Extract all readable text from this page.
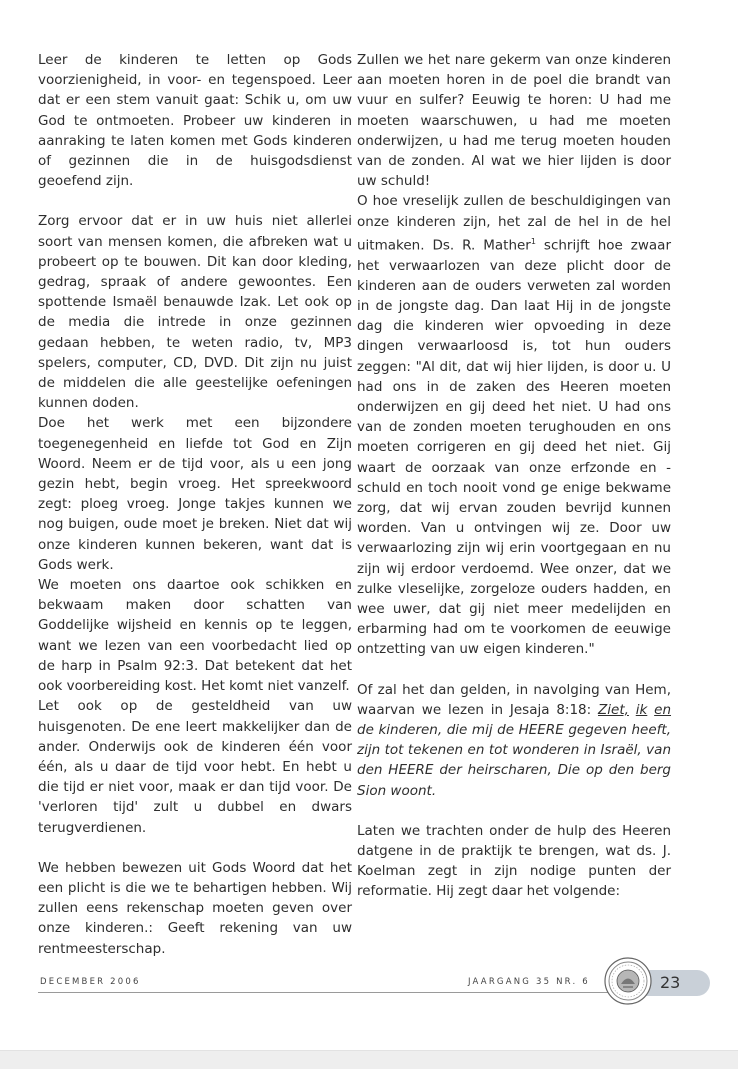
Leer de kinderen te letten op Gods voorzienigheid, in voor- en tegenspoed. Leer dat er een stem vanuit gaat: Schik u, om uw God te ontmoeten. Probeer uw kinderen in aanraking te laten komen met Gods kinderen of gezinnen die in de huisgodsdienst geoefend zijn.

Zorg ervoor dat er in uw huis niet allerlei soort van mensen komen, die afbreken wat u probeert op te bouwen. Dit kan door kleding, gedrag, spraak of andere gewoontes. Een spottende Ismaël benauwde Izak. Let ook op de media die intrede in onze gezinnen gedaan hebben, te weten radio, tv, MP3 spelers, computer, CD, DVD. Dit zijn nu juist de middelen die alle geestelijke oefeningen kunnen doden.

Doe het werk met een bijzondere toegenegenheid en liefde tot God en Zijn Woord. Neem er de tijd voor, als u een jong gezin hebt, begin vroeg. Het spreekwoord zegt: ploeg vroeg. Jonge takjes kunnen we nog buigen, oude moet je breken. Niet dat wij onze kinderen kunnen bekeren, want dat is Gods werk.

We moeten ons daartoe ook schikken en bekwaam maken door schatten van Goddelijke wijsheid en kennis op te leggen, want we lezen van een voorbedacht lied op de harp in Psalm 92:3. Dat betekent dat het ook voorbereiding kost. Het komt niet vanzelf.

Let ook op de gesteldheid van uw huisgenoten. De ene leert makkelijker dan de ander. Onderwijs ook de kinderen één voor één, als u daar de tijd voor hebt. En hebt u die tijd er niet voor, maak er dan tijd voor. De 'verloren tijd' zult u dubbel en dwars terugverdienen.

We hebben bewezen uit Gods Woord dat het een plicht is die we te behartigen hebben. Wij zullen eens rekenschap moeten geven over onze kinderen.: Geeft rekening van uw rentmeesterschap.

Zullen we het nare gekerm van onze kinderen aan moeten horen in de poel die brandt van vuur en sulfer? Eeuwig te horen: U had me moeten waarschuwen, u had me moeten onderwijzen, u had me terug moeten houden van de zonden. Al wat we hier lijden is door uw schuld!

O hoe vreselijk zullen de beschuldigingen van onze kinderen zijn, het zal de hel in de hel uitmaken. Ds. R. Mather$^1$ schrijft hoe zwaar het verwaarlozen van deze plicht door de kinderen aan de ouders verweten zal worden in de jongste dag. Dan laat Hij in de jongste dag die kinderen wier opvoeding in deze dingen verwaarloosd is, tot hun ouders zeggen: "Al dit, dat wij hier lijden, is door u. U had ons in de zaken des Heeren moeten onderwijzen en gij deed het niet. U had ons van de zonden moeten terughouden en ons moeten corrigeren en gij deed het niet. Gij waart de oorzaak van onze erfzonde en -schuld en toch nooit vond ge enige bekwame zorg, dat wij ervan zouden bevrijd kunnen worden. Van u ontvingen wij ze. Door uw verwaarlozing zijn wij erin voortgegaan en nu zijn wij erdoor verdoemd. Wee onzer, dat we zulke vleselijke, zorgeloze ouders hadden, en wee uwer, dat gij niet meer medelijden en erbarming had om te voorkomen de eeuwige ontzetting van uw eigen kinderen."

Of zal het dan gelden, in navolging van Hem, waarvan we lezen in Jesaja 8:18: Ziet, ik en de kinderen, die mij de HEERE gegeven heeft, zijn tot tekenen en tot wonderen in Israël, van den HEERE der heirscharen, Die op den berg Sion woont.

Laten we trachten onder de hulp des Heeren datgene in de praktijk te brengen, wat ds. J. Koelman zegt in zijn nodige punten der reformatie. Hij zegt daar het volgende:

DECEMBER 2006	JAARGANG 35 NR. 6	23
